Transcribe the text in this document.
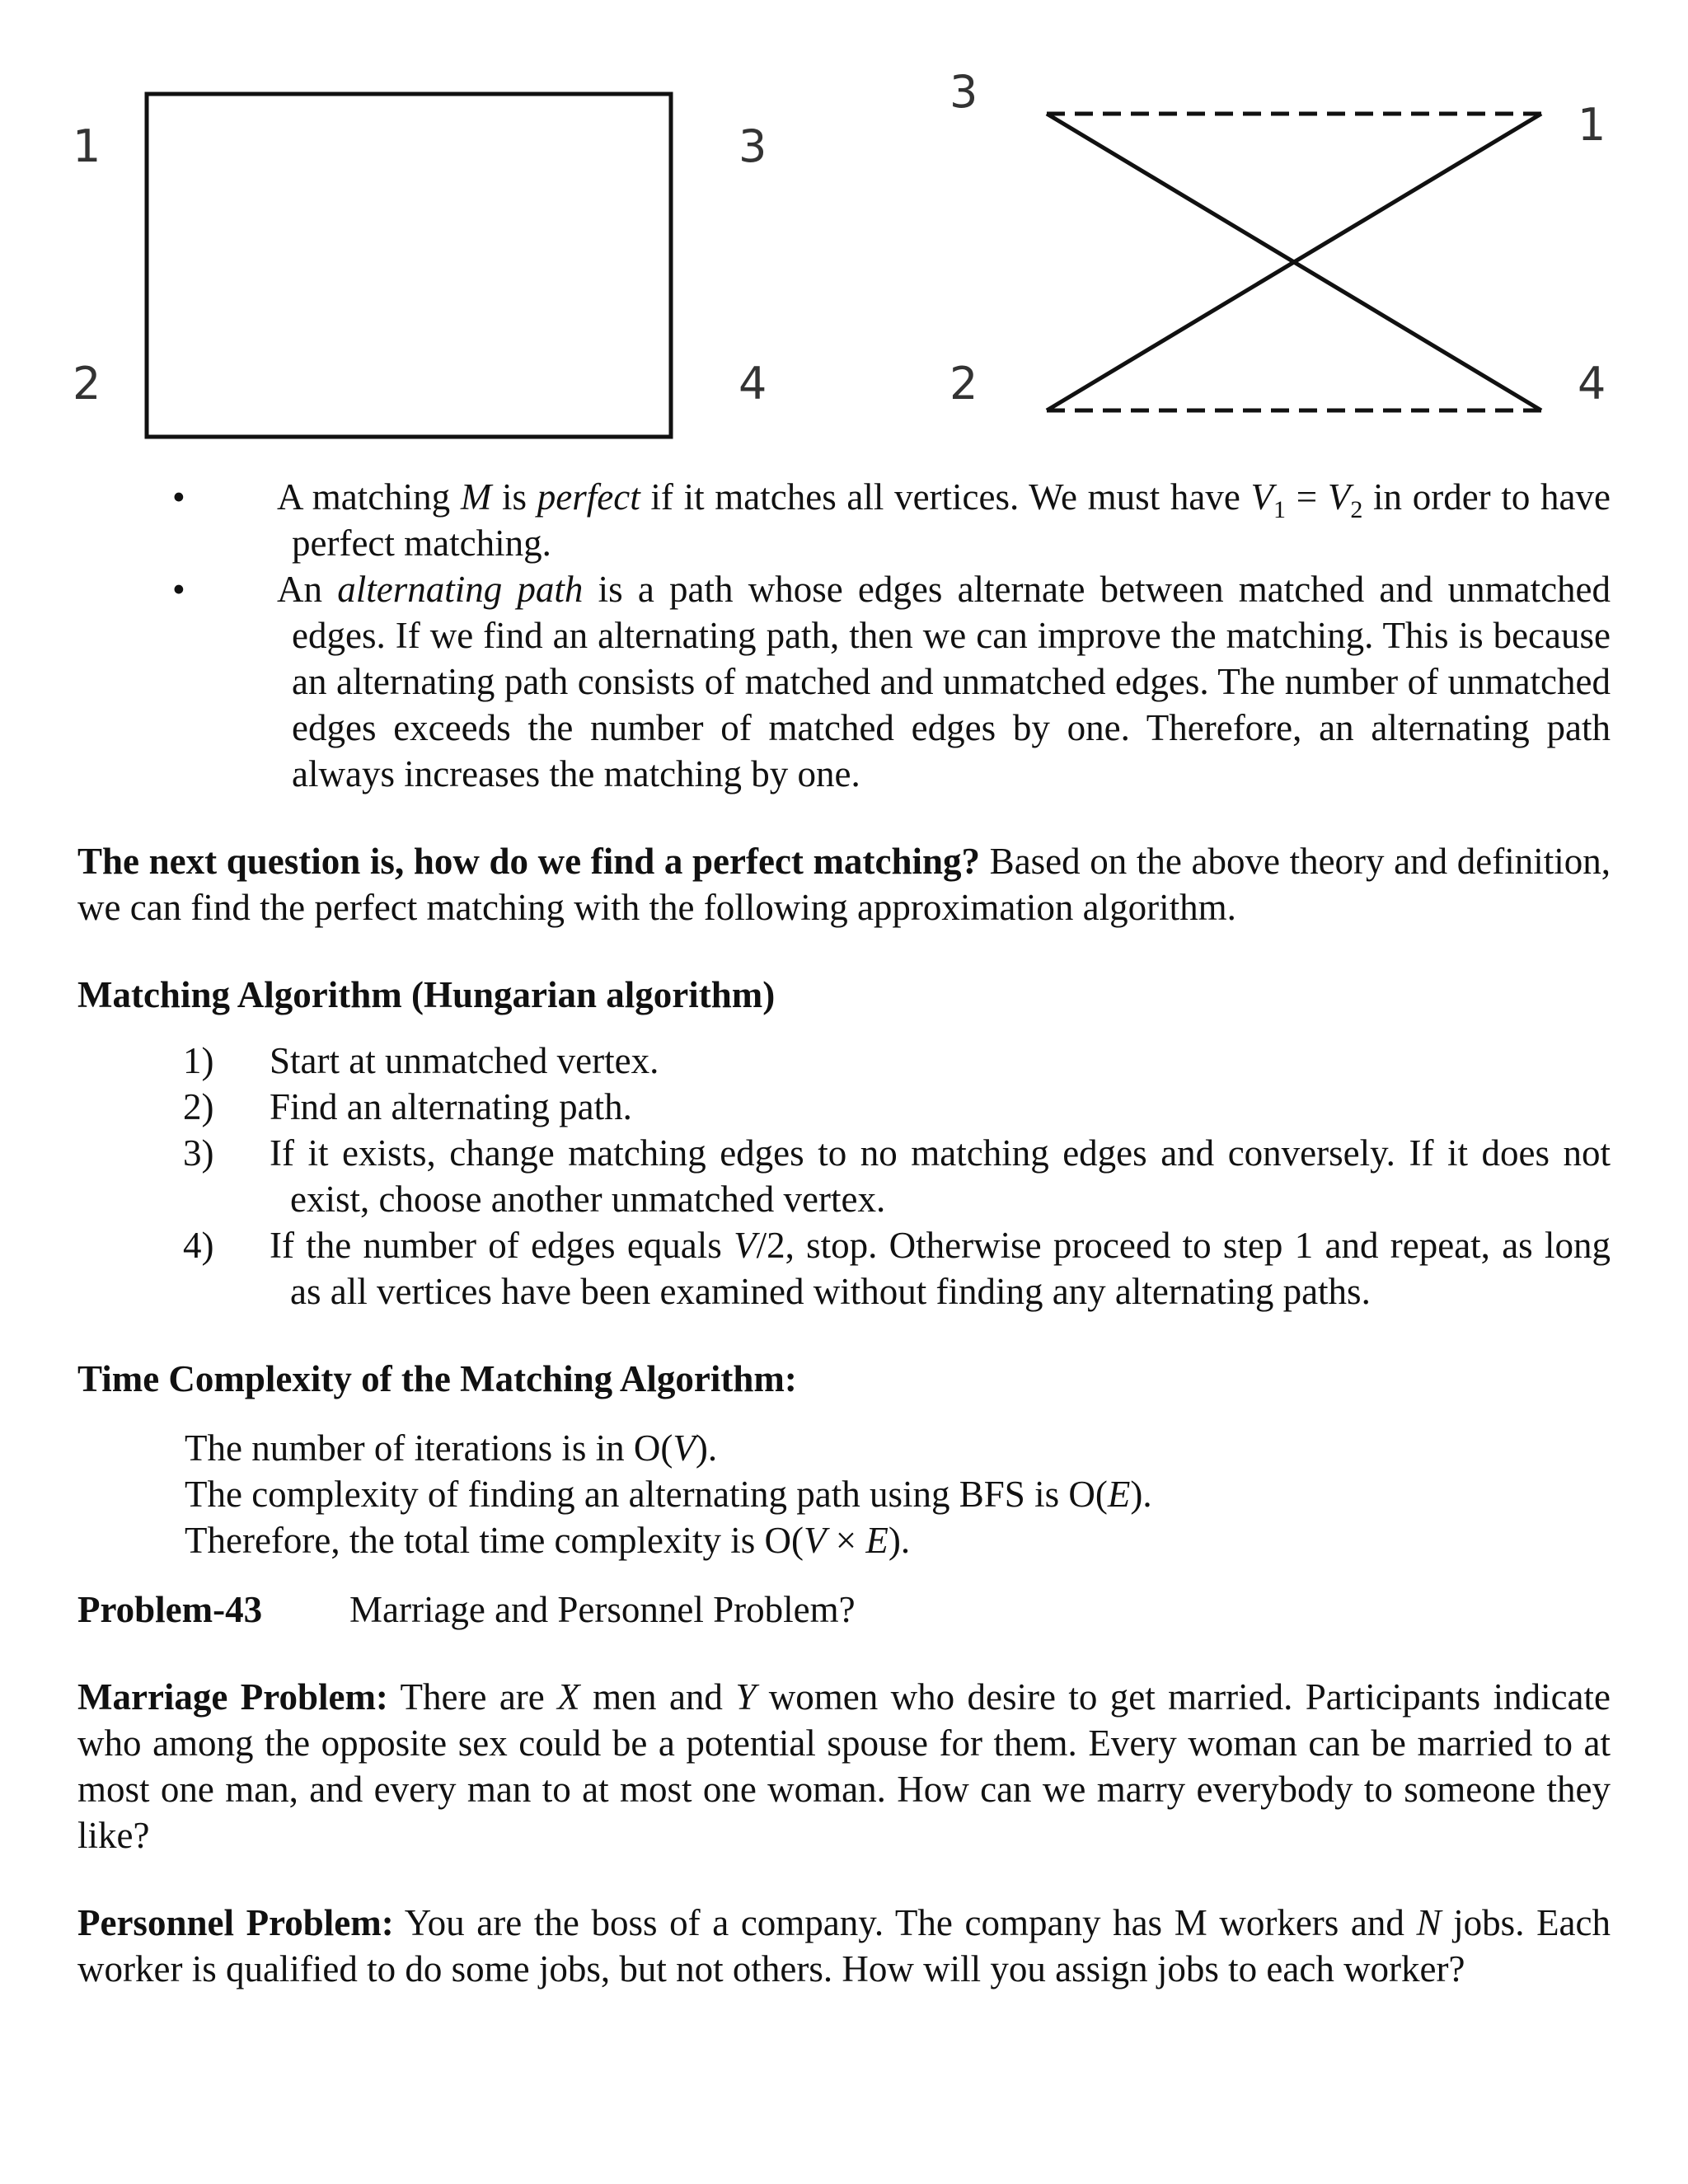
1
2
3
4
3
1
2	4
• A matching M is perfect if it matches all vertices. We must have $V_1 = V_2$ in order to have perfect matching.
• An alternating path is a path whose edges alternate between matched and unmatched edges. If we find an alternating path, then we can improve the matching. This is because an alternating path consists of matched and unmatched edges. The number of unmatched edges exceeds the number of matched edges by one. Therefore, an alternating path always increases the matching by one.

The next question is, how do we find a perfect matching? Based on the above theory and definition, we can find the perfect matching with the following approximation algorithm.

Matching Algorithm (Hungarian algorithm)

1) Start at unmatched vertex.
2) Find an alternating path.
3) If it exists, change matching edges to no matching edges and conversely. If it does not exist, choose another unmatched vertex.
4) If the number of edges equals V/2, stop. Otherwise proceed to step 1 and repeat, as long as all vertices have been examined without finding any alternating paths.

Time Complexity of the Matching Algorithm:

The number of iterations is in O(V).
The complexity of finding an alternating path using BFS is O(E).
Therefore, the total time complexity is O(V × E).

Problem-43 Marriage and Personnel Problem?

Marriage Problem: There are X men and Y women who desire to get married. Participants indicate who among the opposite sex could be a potential spouse for them. Every woman can be married to at most one man, and every man to at most one woman. How can we marry everybody to someone they like?

Personnel Problem: You are the boss of a company. The company has M workers and N jobs. Each worker is qualified to do some jobs, but not others. How will you assign jobs to each worker?
